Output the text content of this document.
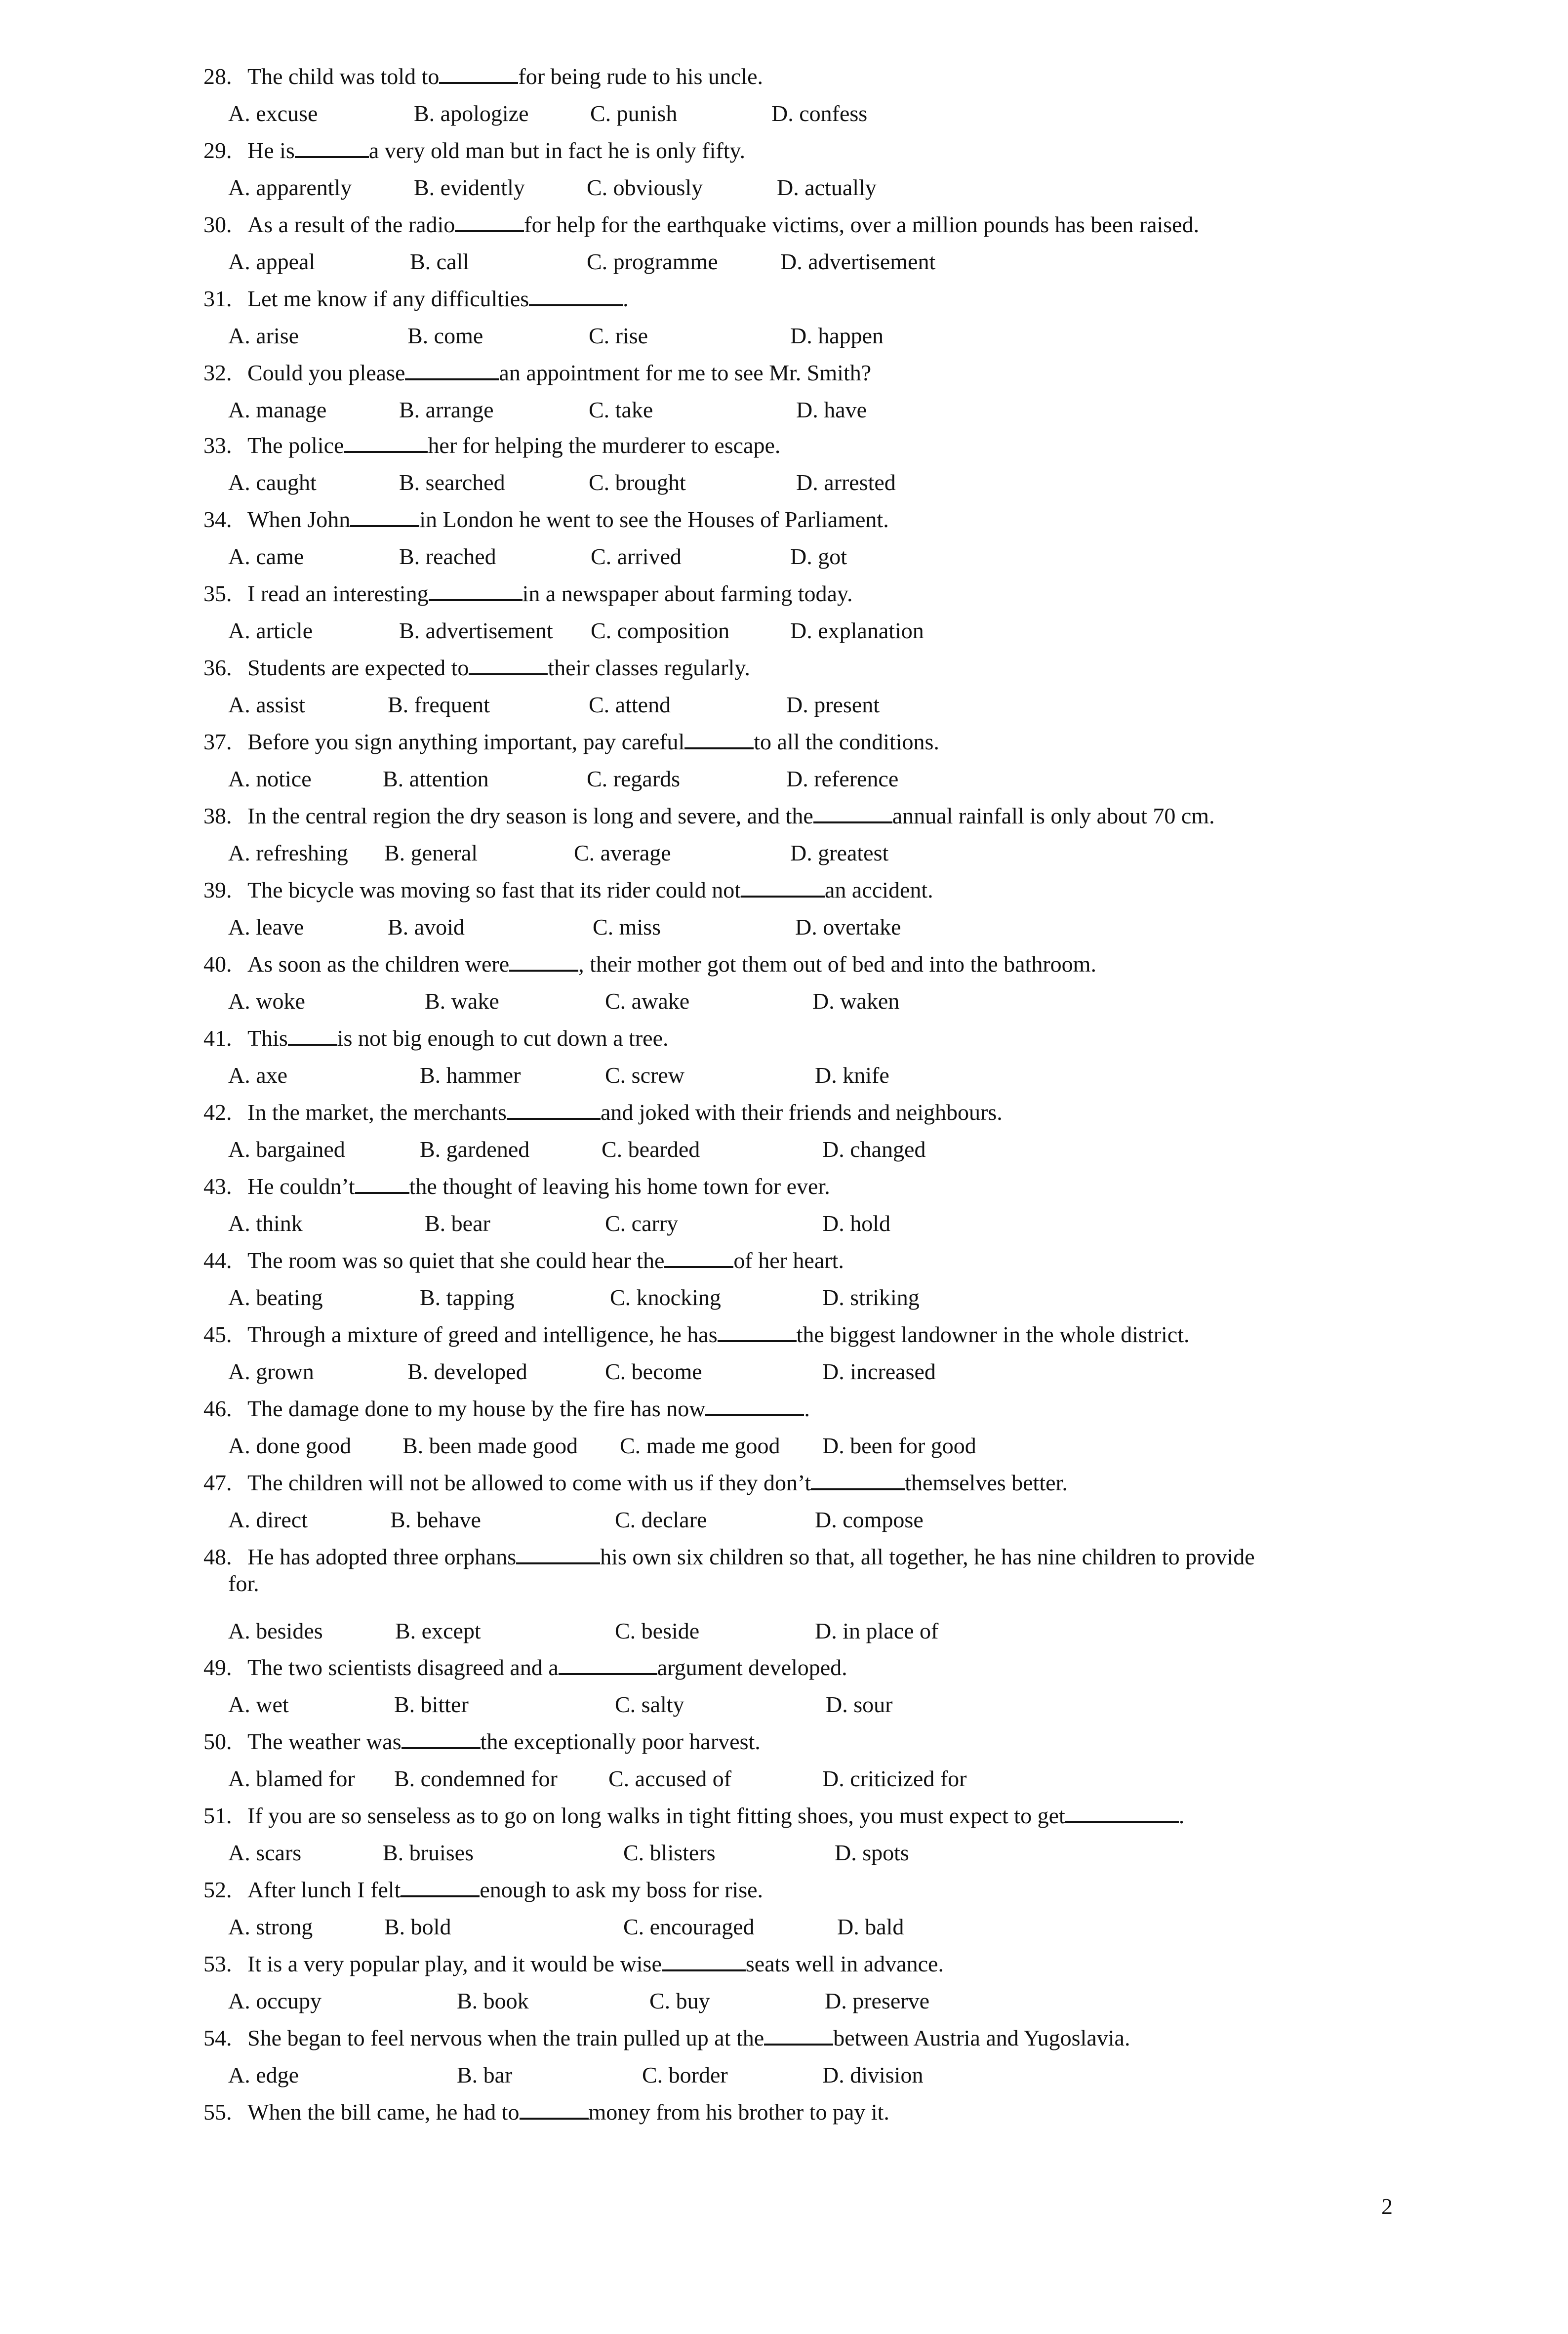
28. The child was told to	for being rude to his uncle.
A. excuse	B. apologize	C. punish	D. confess
29. He is	a very old man but in fact he is only fifty.
A. apparently	B. evidently	C. obviously	D. actually
30. As a result of the radio	for help for the earthquake victims, over a million pounds has been raised.
A. appeal	B. call	C. programme	D. advertisement
31. Let me know if any difficulties	.
A. arise	B. come	C. rise	D. happen
32. Could you please	an appointment for me to see Mr. Smith?
A. manage	B. arrange	C. take	D. have
33. The police	her for helping the murderer to escape.
A. caught	B. searched	C. brought	D. arrested
34. When John	in London he went to see the Houses of Parliament.
A. came	B. reached	C. arrived	D. got
35. I read an interesting	in a newspaper about farming today.
A. article	B. advertisement C. composition	D. explanation
36. Students are expected to	their classes regularly.
A. assist	B. frequent	C. attend	D. present
37. Before you sign anything important, pay careful	to all the conditions.
A. notice	B. attention	C. regards	D. reference
38. In the central region the dry season is long and severe, and the	annual rainfall is only about 70 cm.
A. refreshing B. general	C. average	D. greatest
39. The bicycle was moving so fast that its rider could not	an accident.
A. leave	B. avoid	C. miss	D. overtake
40. As soon as the children were	, their mother got them out of bed and into the bathroom.
A. woke	B. wake	C. awake	D. waken
41. This is not big enough to cut down a tree.
A. axe	B. hammer	C. screw	D. knife
42. In the market, the merchants	and joked with their friends and neighbours.
A. bargained	B. gardened	C. bearded	D. changed
43. He couldn’t the thought of leaving his home town for ever.
A. think	B. bear	C. carry	D. hold
44. The room was so quiet that she could hear the	of her heart.
A. beating	B. tapping	C. knocking	D. striking
45. Through a mixture of greed and intelligence, he has	the biggest landowner in the whole district.
A. grown	B. developed	C. become	D. increased
46. The damage done to my house by the fire has now	.
A. done good B. been made good C. made me good D. been for good
47. The children will not be allowed to come with us if they don’t	themselves better.
A. direct	B. behave	C. declare	D. compose
48. He has adopted three orphans	his own six children so that, all together, he has nine children to provide
for.
A. besides	B. except	C. beside	D. in place of
49. The two scientists disagreed and a	argument developed.
A. wet	B. bitter	C. salty	D. sour
50. The weather was	the exceptionally poor harvest.
A. blamed for B. condemned for C. accused of	D. criticized for
51. If you are so senseless as to go on long walks in tight fitting shoes, you must expect to get	.
A. scars	B. bruises	C. blisters	D. spots
52. After lunch I felt	enough to ask my boss for rise.
A. strong	B. bold	C. encouraged	D. bald
53. It is a very popular play, and it would be wise	seats well in advance.
A. occupy	B. book	C. buy	D. preserve
54. She began to feel nervous when the train pulled up at the	between Austria and Yugoslavia.
A. edge	B. bar	C. border	D. division
55. When the bill came, he had to	money from his brother to pay it.
2
